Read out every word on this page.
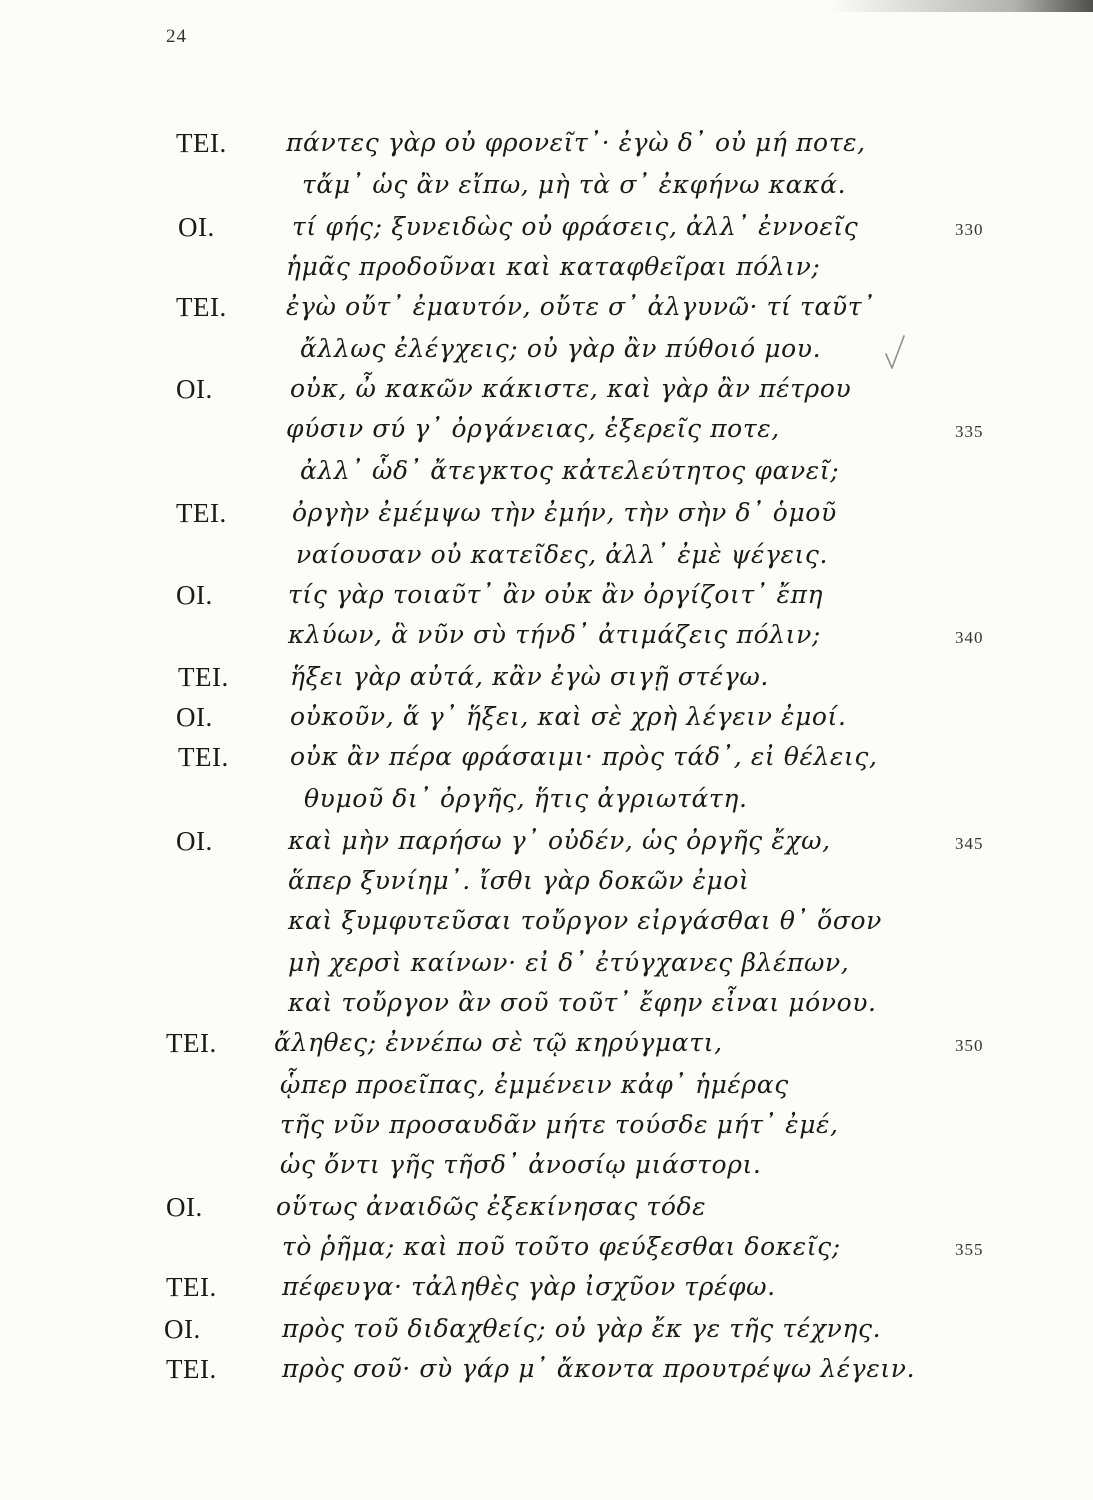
24
ΤΕΙ. πάντες γὰρ οὐ φρονεῖτ᾽· ἐγὼ δ᾽ οὐ μή ποτε,
τἄμ᾽ ὡς ἂν εἴπω, μὴ τὰ σ᾽ ἐκφήνω κακά.
ΟΙ.	τί φής; ξυνειδὼς οὐ φράσεις, ἀλλ᾽ ἐννοεῖς	330
ἡμᾶς προδοῦναι καὶ καταφθεῖραι πόλιν;
ΤΕΙ. ἐγὼ οὔτ᾽ ἐμαυτόν, οὔτε σ᾽ ἀλγυνῶ· τί ταῦτ᾽
ἄλλως ἐλέγχεις; οὐ γὰρ ἂν πύθοιό μου.
ΟΙ.	οὐκ, ὦ κακῶν κάκιστε, καὶ γὰρ ἂν πέτρου
φύσιν σύ γ᾽ ὀργάνειας, ἐξερεῖς ποτε,	335
ἀλλ᾽ ὧδ᾽ ἄτεγκτος κἀτελεύτητος φανεῖ;
ΤΕΙ.	ὀργὴν ἐμέμψω τὴν ἐμήν, τὴν σὴν δ᾽ ὁμοῦ
ναίουσαν οὐ κατεῖδες, ἀλλ᾽ ἐμὲ ψέγεις.
ΟΙ.	τίς γὰρ τοιαῦτ᾽ ἂν οὐκ ἂν ὀργίζοιτ᾽ ἔπη
κλύων, ἃ νῦν σὺ τήνδ᾽ ἀτιμάζεις πόλιν;	340
ΤΕΙ. ἥξει γὰρ αὐτά, κἂν ἐγὼ σιγῇ στέγω.
ΟΙ.	οὐκοῦν, ἅ γ᾽ ἥξει, καὶ σὲ χρὴ λέγειν ἐμοί.
ΤΕΙ. οὐκ ἂν πέρα φράσαιμι· πρὸς τάδ᾽, εἰ θέλεις,
θυμοῦ δι᾽ ὀργῆς, ἥτις ἀγριωτάτη.
ΟΙ.	καὶ μὴν παρήσω γ᾽ οὐδέν, ὡς ὀργῆς ἔχω,	345
ἅπερ ξυνίημ᾽. ἴσθι γὰρ δοκῶν ἐμοὶ
καὶ ξυμφυτεῦσαι τοὔργον εἰργάσθαι θ᾽ ὅσον
μὴ χερσὶ καίνων· εἰ δ᾽ ἐτύγχανες βλέπων,
καὶ τοὔργον ἂν σοῦ τοῦτ᾽ ἔφην εἶναι μόνου.
ΤΕΙ. ἄληθες; ἐννέπω σὲ τῷ κηρύγματι,	350
ᾧπερ προεῖπας, ἐμμένειν κἀφ᾽ ἡμέρας
τῆς νῦν προσαυδᾶν μήτε τούσδε μήτ᾽ ἐμέ,
ὡς ὄντι γῆς τῆσδ᾽ ἀνοσίῳ μιάστορι.
ΟΙ.	οὕτως ἀναιδῶς ἐξεκίνησας τόδε
τὸ ῥῆμα; καὶ ποῦ τοῦτο φεύξεσθαι δοκεῖς;	355
ΤΕΙ.	πέφευγα· τἀληθὲς γὰρ ἰσχῦον τρέφω.
ΟΙ.	πρὸς τοῦ διδαχθείς; οὐ γὰρ ἔκ γε τῆς τέχνης.
ΤΕΙ.	πρὸς σοῦ· σὺ γάρ μ᾽ ἄκοντα προυτρέψω λέγειν.
